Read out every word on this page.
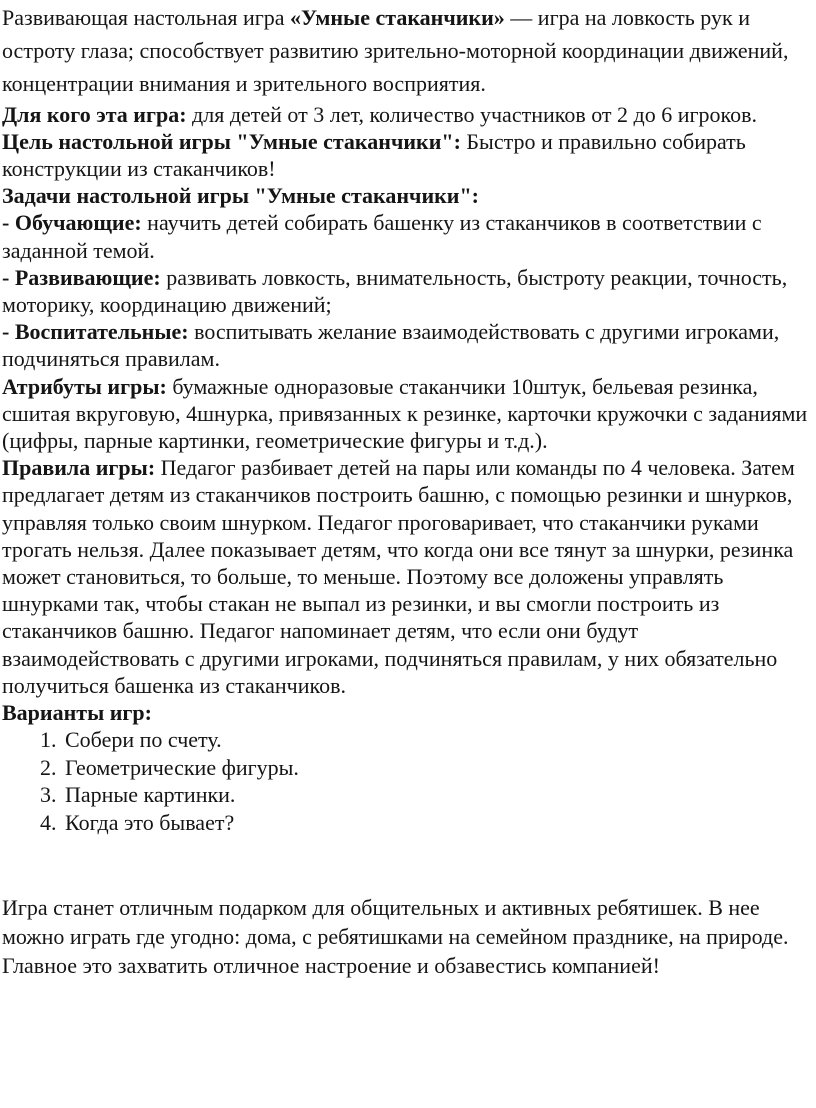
Развивающая настольная игра «Умные стаканчики» — игра на ловкость рук и остроту глаза; способствует развитию зрительно-моторной координации движений, концентрации внимания и зрительного восприятия.

Для кого эта игра: для детей от 3 лет, количество участников от 2 до 6 игроков.

Цель настольной игры "Умные стаканчики": Быстро и правильно собирать конструкции из стаканчиков!

Задачи настольной игры "Умные стаканчики":

- Обучающие: научить детей собирать башенку из стаканчиков в соответствии с заданной темой.

- Развивающие: развивать ловкость, внимательность, быстроту реакции, точность, моторику, координацию движений;

- Воспитательные: воспитывать желание взаимодействовать с другими игроками, подчиняться правилам.

Атрибуты игры: бумажные одноразовые стаканчики 10штук, бельевая резинка, сшитая вкруговую, 4шнурка, привязанных к резинке, карточки кружочки с заданиями (цифры, парные картинки, геометрические фигуры и т.д.).

Правила игры: Педагог разбивает детей на пары или команды по 4 человека. Затем предлагает детям из стаканчиков построить башню, с помощью резинки и шнурков, управляя только своим шнурком. Педагог проговаривает, что стаканчики руками трогать нельзя. Далее показывает детям, что когда они все тянут за шнурки, резинка может становиться, то больше, то меньше. Поэтому все доложены управлять шнурками так, чтобы стакан не выпал из резинки, и вы смогли построить из стаканчиков башню. Педагог напоминает детям, что если они будут взаимодействовать с другими игроками, подчиняться правилам, у них обязательно получиться башенка из стаканчиков.

Варианты игр:

1. Собери по счету.
2. Геометрические фигуры.
3. Парные картинки.
4. Когда это бывает?

Игра станет отличным подарком для общительных и активных ребятишек. В нее можно играть где угодно: дома, с ребятишками на семейном празднике, на природе. Главное это захватить отличное настроение и обзавестись компанией!
